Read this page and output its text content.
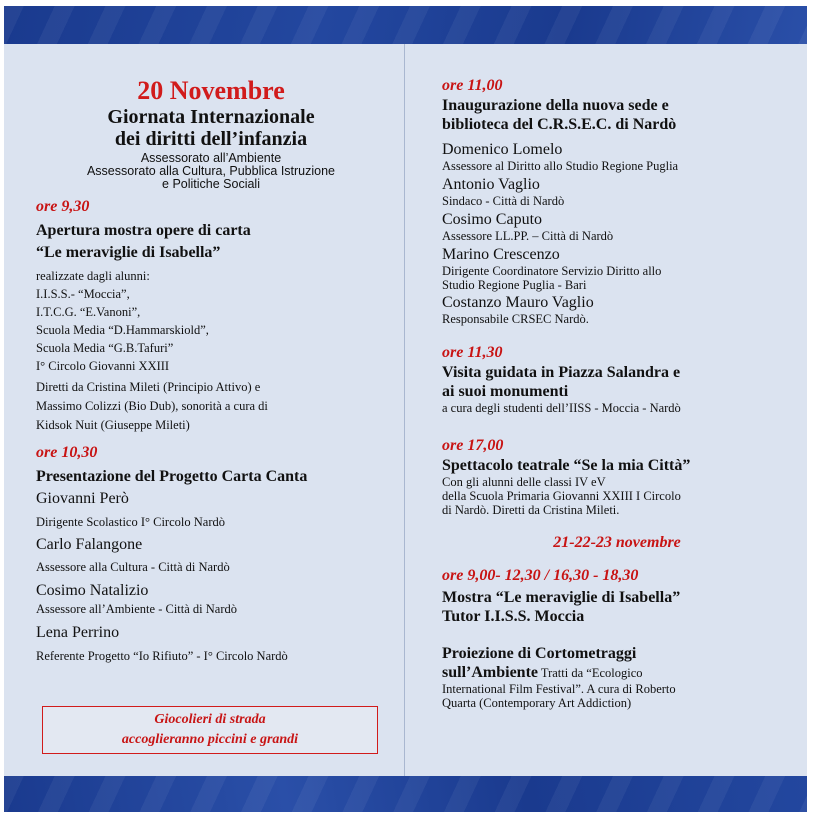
20 Novembre
Giornata Internazionale
dei diritti dell’infanzia
Assessorato all’Ambiente
Assessorato alla Cultura, Pubblica Istruzione
e Politiche Sociali
ore 9,30
Apertura mostra opere di carta
“Le meraviglie di Isabella”
realizzate dagli alunni:
I.I.S.S.- “Moccia”,
I.T.C.G. “E.Vanoni”,
Scuola Media “D.Hammarskiold”,
Scuola Media “G.B.Tafuri”
I° Circolo Giovanni XXIII
Diretti da Cristina Mileti (Principio Attivo) e
Massimo Colizzi (Bio Dub), sonorità a cura di
Kidsok Nuit (Giuseppe Mileti)
ore 10,30
Presentazione del Progetto Carta Canta
Giovanni Però
Dirigente Scolastico I° Circolo Nardò
Carlo Falangone
Assessore alla Cultura - Città di Nardò
Cosimo Natalizio
Assessore all’Ambiente - Città di Nardò
Lena Perrino
Referente Progetto “Io Rifiuto” - I° Circolo Nardò
Giocolieri di strada
accoglieranno piccini e grandi
ore 11,00
Inaugurazione della nuova sede e
biblioteca del C.R.S.E.C. di Nardò
Domenico Lomelo
Assessore al Diritto allo Studio Regione Puglia
Antonio Vaglio
Sindaco - Città di Nardò
Cosimo Caputo
Assessore LL.PP. – Città di Nardò
Marino Crescenzo
Dirigente Coordinatore Servizio Diritto allo
Studio Regione Puglia - Bari
Costanzo Mauro Vaglio
Responsabile CRSEC Nardò.
ore 11,30
Visita guidata in Piazza Salandra e
ai suoi monumenti
a cura degli studenti dell’IISS - Moccia - Nardò
ore 17,00
Spettacolo teatrale “Se la mia Città”
Con gli alunni delle classi IV eV
della Scuola Primaria Giovanni XXIII I Circolo
di Nardò. Diretti da Cristina Mileti.
21-22-23 novembre
ore 9,00- 12,30 / 16,30 - 18,30
Mostra “Le meraviglie di Isabella”
Tutor I.I.S.S. Moccia
Proiezione di Cortometraggi
sull’Ambiente Tratti da “Ecologico
International Film Festival”. A cura di Roberto
Quarta (Contemporary Art Addiction)
